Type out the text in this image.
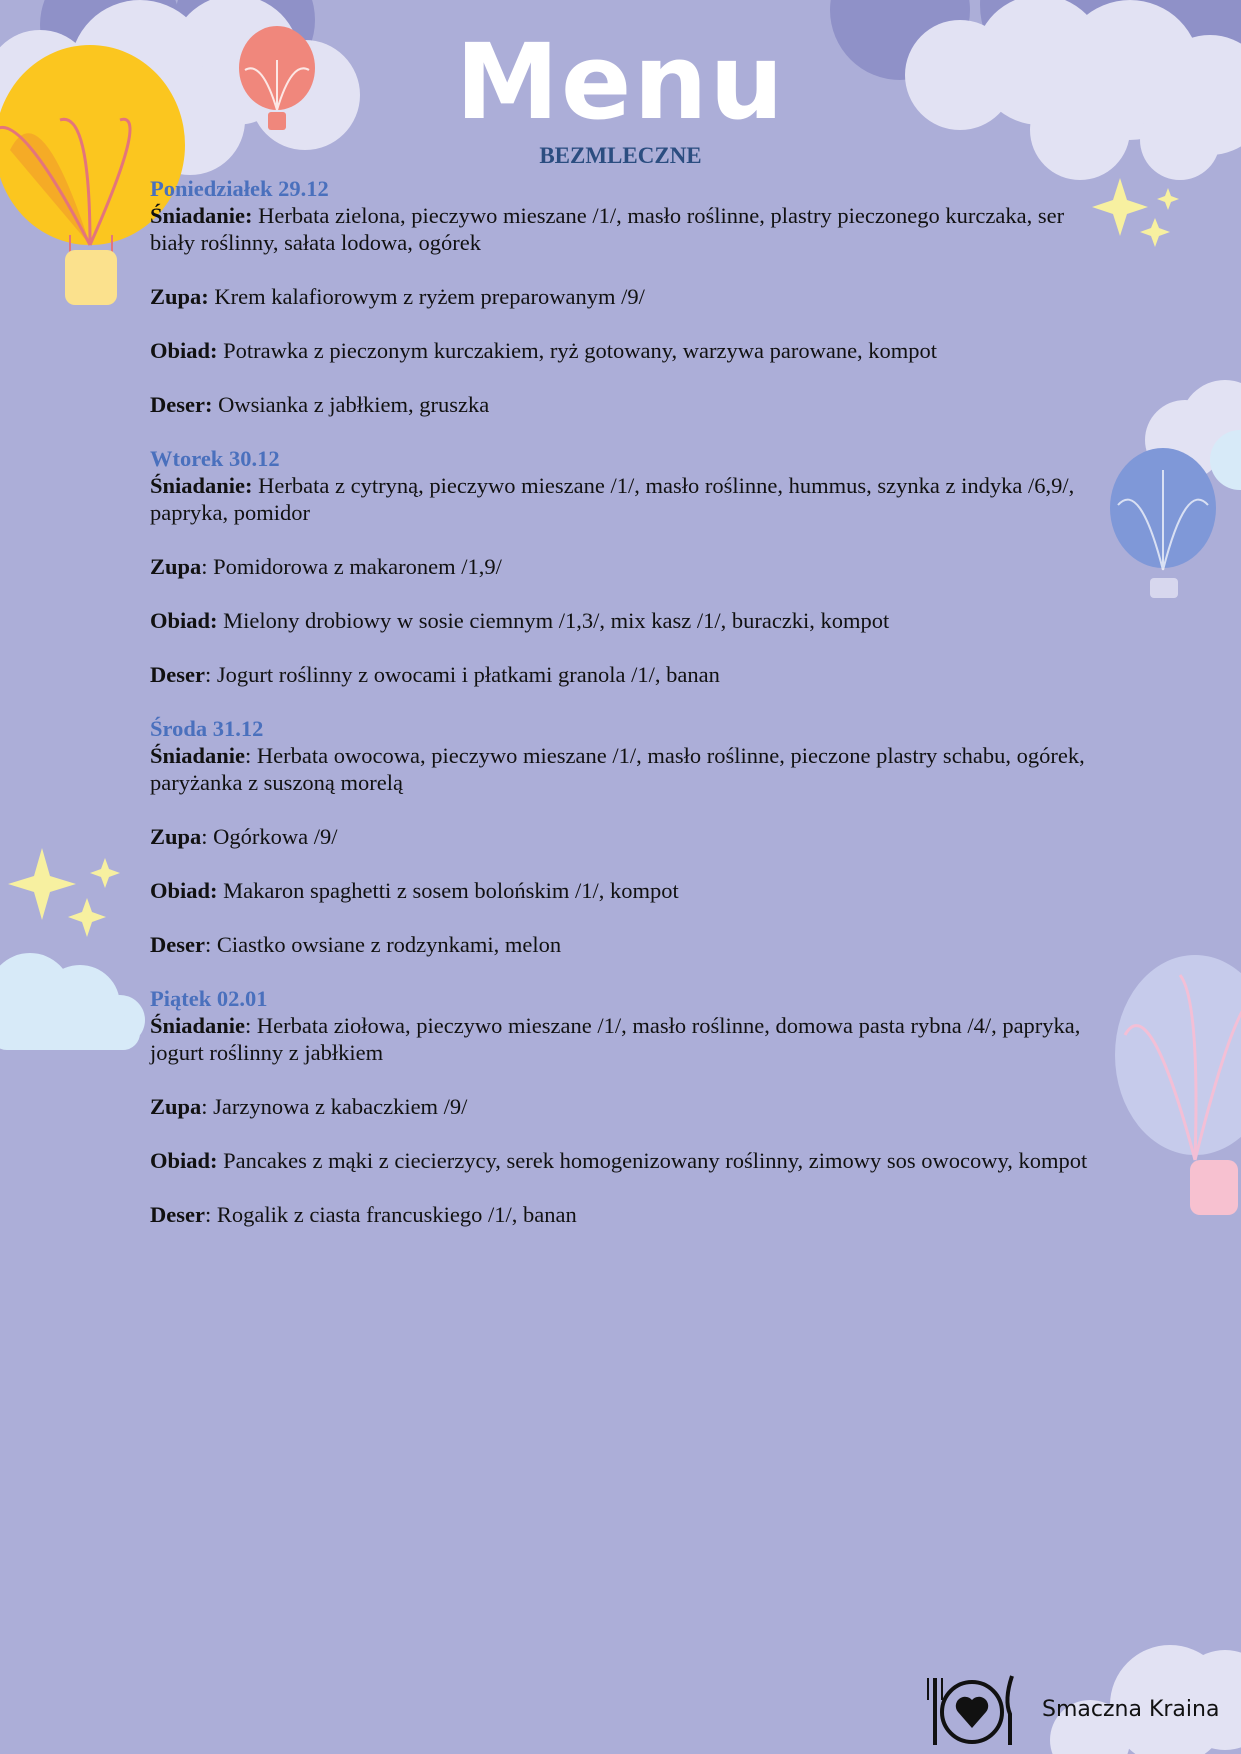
Menu
BEZMLECZNE
Poniedziałek 29.12
Śniadanie: Herbata zielona, pieczywo mieszane /1/, masło roślinne, plastry pieczonego kurczaka, ser biały roślinny, sałata lodowa, ogórek
Zupa: Krem kalafiorowym z ryżem preparowanym /9/
Obiad: Potrawka z pieczonym kurczakiem, ryż gotowany, warzywa parowane, kompot
Deser: Owsianka z jabłkiem, gruszka
Wtorek 30.12
Śniadanie: Herbata z cytryną, pieczywo mieszane /1/, masło roślinne, hummus, szynka z indyka /6,9/, papryka, pomidor
Zupa: Pomidorowa z makaronem /1,9/
Obiad: Mielony drobiowy w sosie ciemnym /1,3/, mix kasz /1/, buraczki, kompot
Deser: Jogurt roślinny z owocami i płatkami granola /1/, banan
Środa 31.12
Śniadanie: Herbata owocowa, pieczywo mieszane /1/, masło roślinne, pieczone plastry schabu, ogórek, paryżanka z suszoną morelą
Zupa: Ogórkowa /9/
Obiad: Makaron spaghetti z sosem bolońskim /1/, kompot
Deser: Ciastko owsiane z rodzynkami, melon
Piątek 02.01
Śniadanie: Herbata ziołowa, pieczywo mieszane /1/, masło roślinne, domowa pasta rybna /4/, papryka, jogurt roślinny z jabłkiem
Zupa: Jarzynowa z kabaczkiem /9/
Obiad: Pancakes z mąki z ciecierzycy, serek homogenizowany roślinny, zimowy sos owocowy, kompot
Deser: Rogalik z ciasta francuskiego /1/, banan
Smaczna Kraina
